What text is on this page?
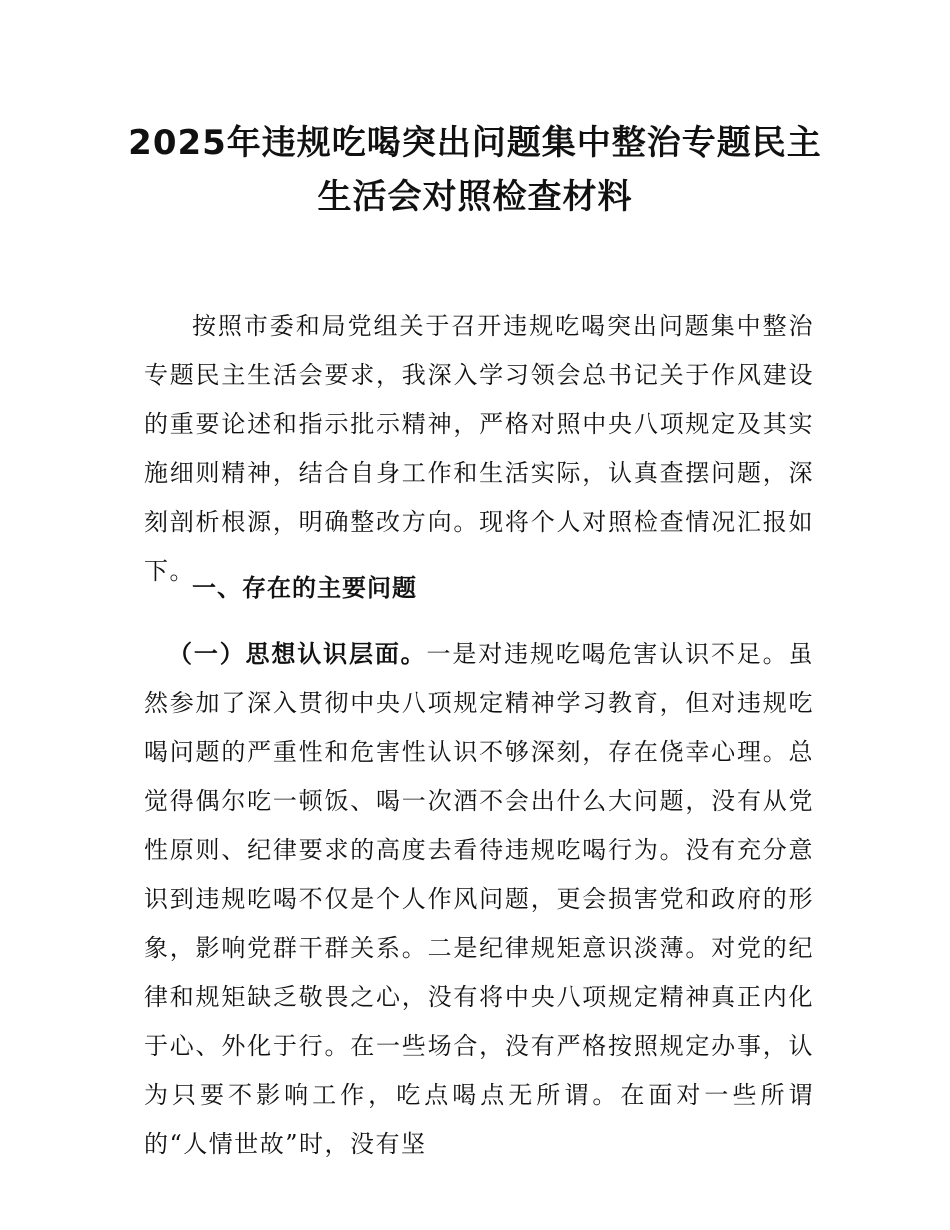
2025年违规吃喝突出问题集中整治专题民主
生活会对照检查材料

按照市委和局党组关于召开违规吃喝突出问题集中整治专题民主生活会要求，我深入学习领会总书记关于作风建设的重要论述和指示批示精神，严格对照中央八项规定及其实施细则精神，结合自身工作和生活实际，认真查摆问题，深刻剖析根源，明确整改方向。现将个人对照检查情况汇报如下。

一、存在的主要问题

（一）思想认识层面。一是对违规吃喝危害认识不足。虽然参加了深入贯彻中央八项规定精神学习教育，但对违规吃喝问题的严重性和危害性认识不够深刻，存在侥幸心理。总觉得偶尔吃一顿饭、喝一次酒不会出什么大问题，没有从党性原则、纪律要求的高度去看待违规吃喝行为。没有充分意识到违规吃喝不仅是个人作风问题，更会损害党和政府的形象，影响党群干群关系。二是纪律规矩意识淡薄。对党的纪律和规矩缺乏敬畏之心，没有将中央八项规定精神真正内化于心、外化于行。在一些场合，没有严格按照规定办事，认为只要不影响工作，吃点喝点无所谓。在面对一些所谓的“人情世故”时，没有坚
